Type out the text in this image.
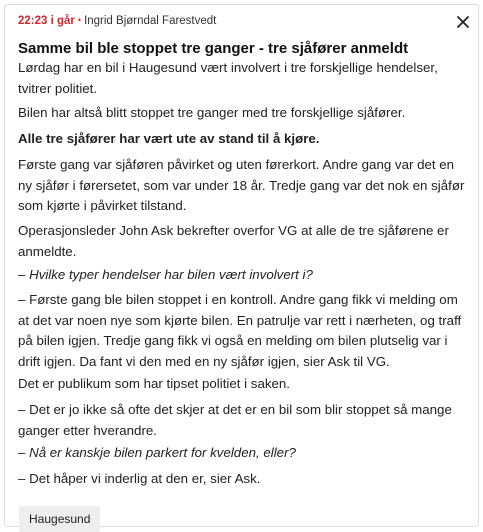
22:23 i går • Ingrid Bjørndal Farestvedt
Samme bil ble stoppet tre ganger - tre sjåfører anmeldt

Lørdag har en bil i Haugesund vært involvert i tre forskjellige hendelser, tvitrer politiet.

Bilen har altså blitt stoppet tre ganger med tre forskjellige sjåfører.

Alle tre sjåfører har vært ute av stand til å kjøre.

Første gang var sjåføren påvirket og uten førerkort. Andre gang var det en ny sjåfør i førersetet, som var under 18 år. Tredje gang var det nok en sjåfør som kjørte i påvirket tilstand.

Operasjonsleder John Ask bekrefter overfor VG at alle de tre sjåførene er anmeldte.

– Hvilke typer hendelser har bilen vært involvert i?

– Første gang ble bilen stoppet i en kontroll. Andre gang fikk vi melding om at det var noen nye som kjørte bilen. En patrulje var rett i nærheten, og traff på bilen igjen. Tredje gang fikk vi også en melding om bilen plutselig var i drift igjen. Da fant vi den med en ny sjåfør igjen, sier Ask til VG.

Det er publikum som har tipset politiet i saken.

– Det er jo ikke så ofte det skjer at det er en bil som blir stoppet så mange ganger etter hverandre.

– Nå er kanskje bilen parkert for kvelden, eller?

– Det håper vi inderlig at den er, sier Ask.

Haugesund
